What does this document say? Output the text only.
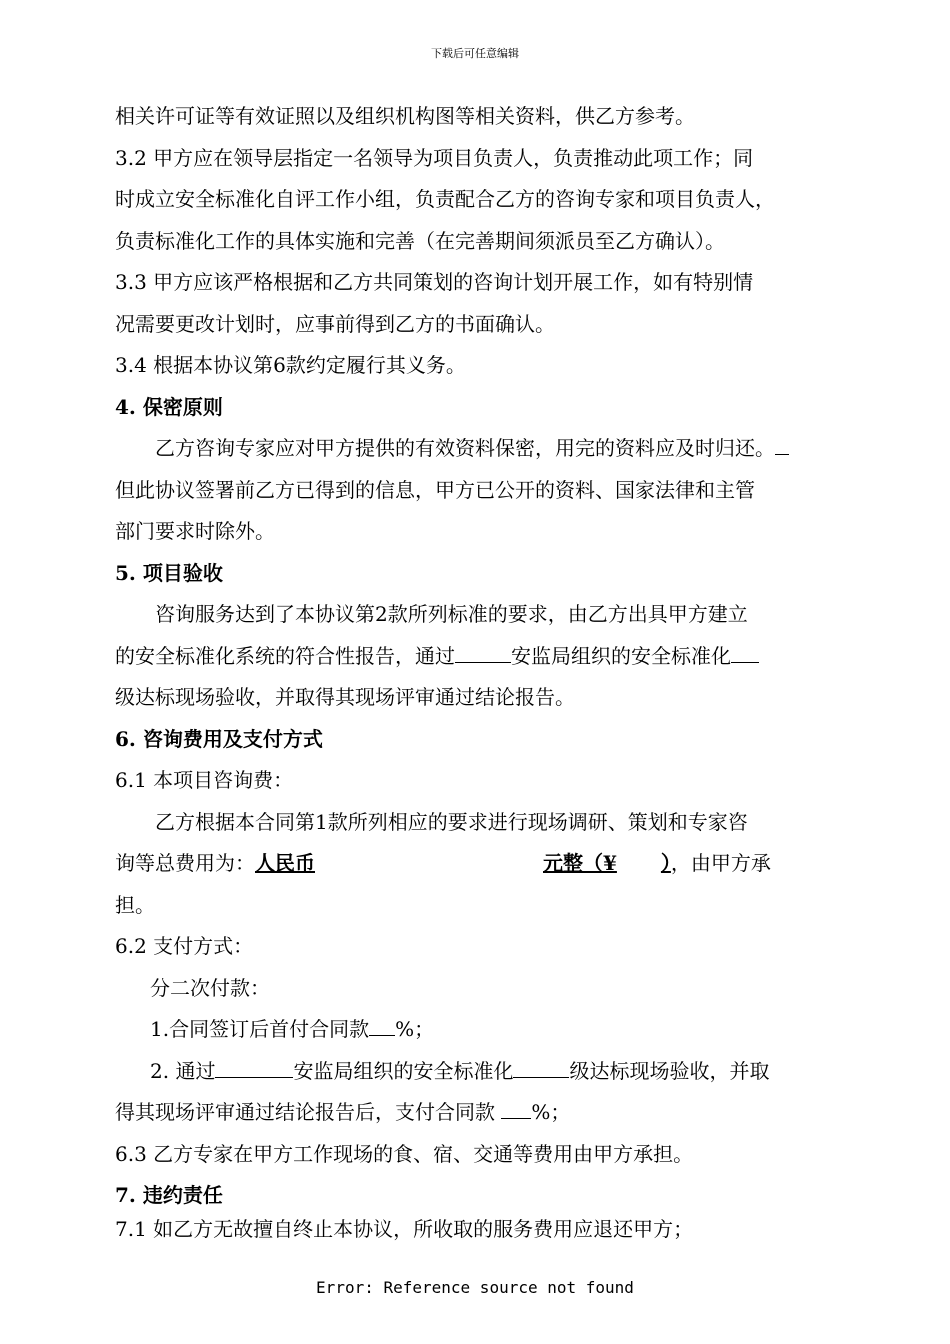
下载后可任意编辑
相关许可证等有效证照以及组织机构图等相关资料，供乙方参考。
3.2 甲方应在领导层指定一名领导为项目负责人，负责推动此项工作；同
时成立安全标准化自评工作小组，负责配合乙方的咨询专家和项目负责人，
负责标准化工作的具体实施和完善（在完善期间须派员至乙方确认）。
3.3 甲方应该严格根据和乙方共同策划的咨询计划开展工作，如有特别情
况需要更改计划时，应事前得到乙方的书面确认。
3.4 根据本协议第6款约定履行其义务。
4. 保密原则
乙方咨询专家应对甲方提供的有效资料保密，用完的资料应及时归还。
但此协议签署前乙方已得到的信息，甲方已公开的资料、国家法律和主管
部门要求时除外。
5. 项目验收
咨询服务达到了本协议第2款所列标准的要求，由乙方出具甲方建立
的安全标准化系统的符合性报告，通过	安监局组织的安全标准化
级达标现场验收，并取得其现场评审通过结论报告。
6. 咨询费用及支付方式
6.1 本项目咨询费：
乙方根据本合同第1款所列相应的要求进行现场调研、策划和专家咨
询等总费用为：人民币	元整（¥ ），由甲方承
担。
6.2 支付方式：
分二次付款：
1.合同签订后首付合同款 %；
2. 通过	安监局组织的安全标准化	级达标现场验收，并取
得其现场评审通过结论报告后，支付合同款 %；
6.3 乙方专家在甲方工作现场的食、宿、交通等费用由甲方承担。
7. 违约责任
7.1 如乙方无故擅自终止本协议，所收取的服务费用应退还甲方；
Error: Reference source not found
